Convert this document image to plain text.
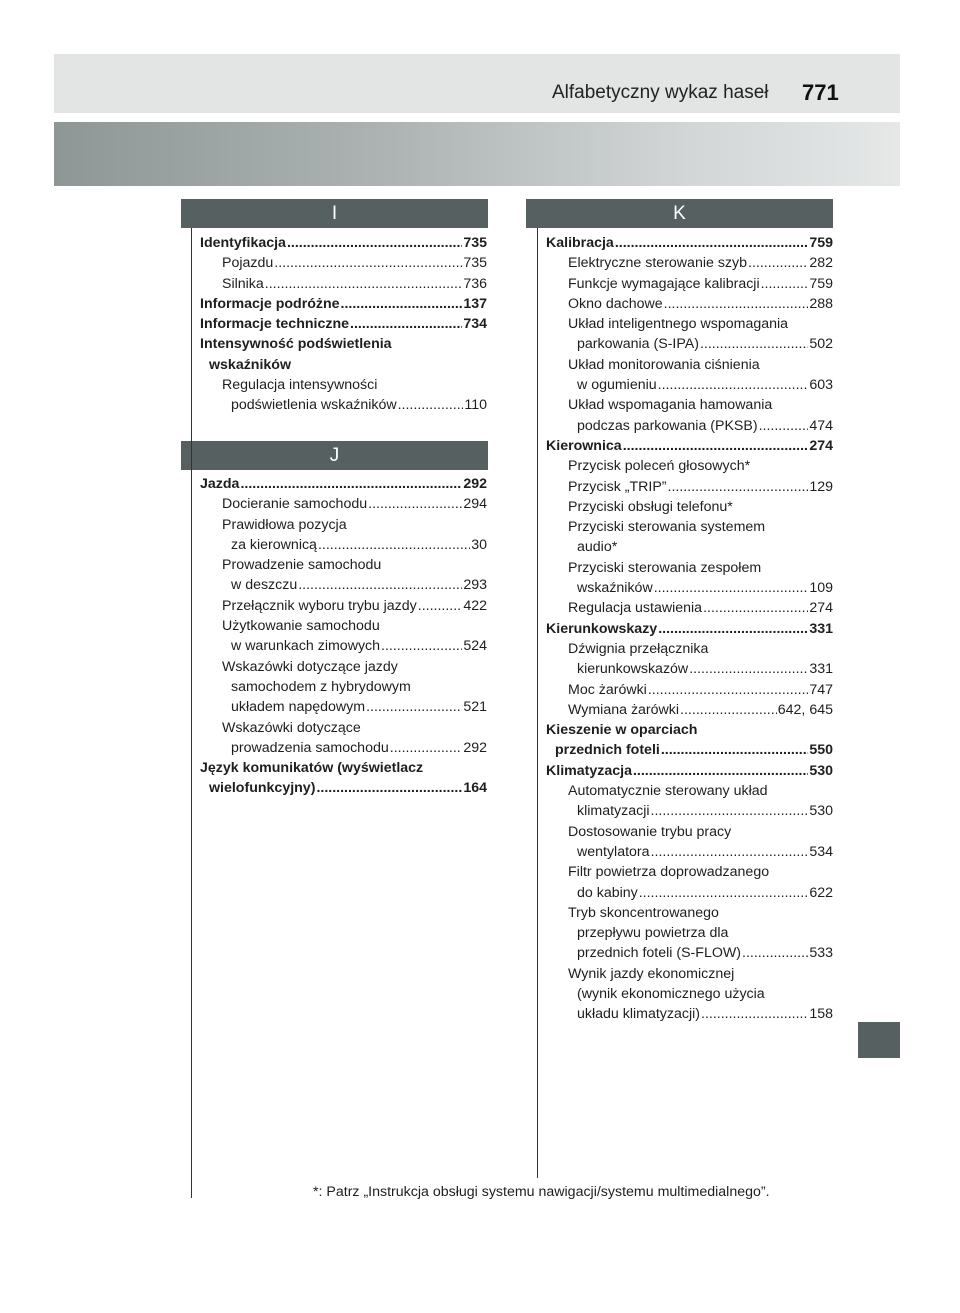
Alfabetyczny wykaz haseł 771
I
J
K
Identyfikacja .....	735
Pojazdu .....	735
Silnika .....	736
Informacje podróżne .....	137
Informacje techniczne .....	734
Intensywność podświetlenia
wskaźników
Regulacja intensywności
podświetlenia wskaźników .....	110
Jazda .....	292
Docieranie samochodu .....	294
Prawidłowa pozycja
za kierownicą .....	30
Prowadzenie samochodu
w deszczu .....	293
Przełącznik wyboru trybu jazdy .....	422
Użytkowanie samochodu
w warunkach zimowych .....	524
Wskazówki dotyczące jazdy
samochodem z hybrydowym
układem napędowym .....	521
Wskazówki dotyczące
prowadzenia samochodu .....	292
Język komunikatów (wyświetlacz
wielofunkcyjny) .....	164
Kalibracja .....	759
Elektryczne sterowanie szyb .....	282
Funkcje wymagające kalibracji .....	759
Okno dachowe .....	288
Układ inteligentnego wspomagania
parkowania (S-IPA) .....	502
Układ monitorowania ciśnienia
w ogumieniu .....	603
Układ wspomagania hamowania
podczas parkowania (PKSB) .....	474
Kierownica .....	274
Przycisk poleceń głosowych*
Przycisk „TRIP” .....	129
Przyciski obsługi telefonu*
Przyciski sterowania systemem
audio*
Przyciski sterowania zespołem
wskaźników .....	109
Regulacja ustawienia .....	274
Kierunkowskazy .....	331
Dźwignia przełącznika
kierunkowskazów .....	331
Moc żarówki .....	747
Wymiana żarówki .....	642, 645
Kieszenie w oparciach
przednich foteli .....	550
Klimatyzacja .....	530
Automatycznie sterowany układ
klimatyzacji .....	530
Dostosowanie trybu pracy
wentylatora .....	534
Filtr powietrza doprowadzanego
do kabiny .....	622
Tryb skoncentrowanego
przepływu powietrza dla
przednich foteli (S-FLOW) .....	533
Wynik jazdy ekonomicznej
(wynik ekonomicznego użycia
układu klimatyzacji) .....	158
*: Patrz „Instrukcja obsługi systemu nawigacji/systemu multimedialnego”.
